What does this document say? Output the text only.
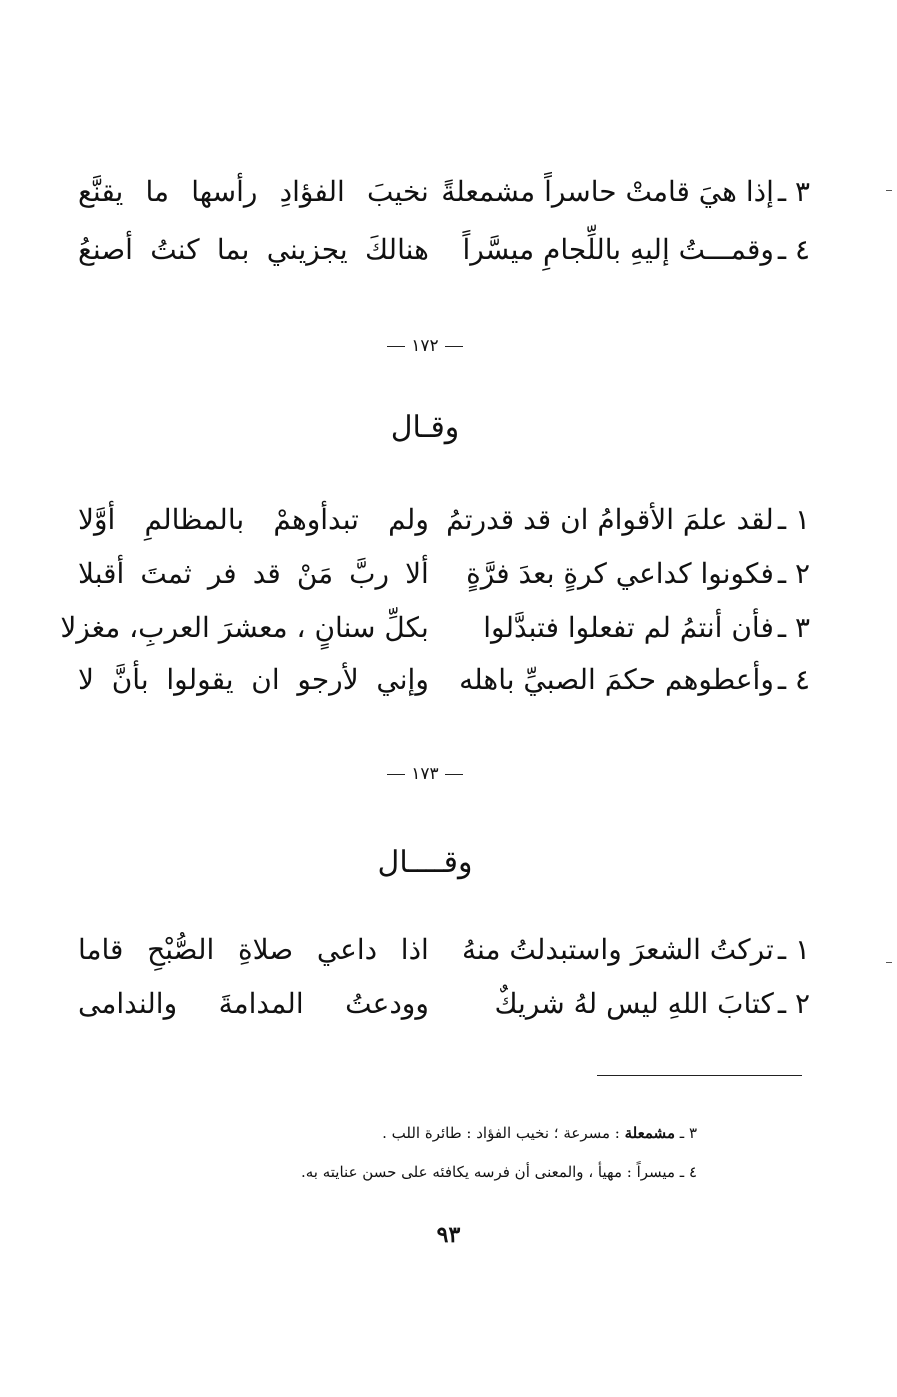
٣ ـ
إذا هيَ قامتْ حاسراً مشمعلةً
نخيبَ الفؤادِ رأسها ما يقنَّع
٤ ـ
وقمـــتُ إليهِ باللِّجامِ ميسَّراً
هنالكَ يجزيني بما كنتُ أصنعُ
١٧٢
وقـال
١ ـ
لقد علمَ الأقوامُ ان قد قدرتمُ
ولم تبدأوهمْ بالمظالمِ أوَّلا
٢ ـ
فكونوا كداعي كرةٍ بعدَ فرَّةٍ
ألا ربَّ مَنْ قد فر ثمتَ أقبلا
٣ ـ
فأن أنتمُ لم تفعلوا فتبدَّلوا
بكلِّ سنانٍ ، معشرَ العربِ، مغزلا
٤ ـ
وأعطوهم حكمَ الصبيِّ باهله
وإني لأرجو ان يقولوا بأنَّ لا
١٧٣
وقــــال
١ ـ
تركتُ الشعرَ واستبدلتُ منهُ
اذا داعي صلاةِ الصُّبْحِ قاما
٢ ـ
كتابَ اللهِ ليس لهُ شريكٌ
وودعتُ المدامةَ والندامى
٣ ـ مشمعلة : مسرعة ؛ نخيب الفؤاد : طائرة اللب .
٤ ـ ميسراً : مهيأ ، والمعنى أن فرسه يكافئه على حسن عنايته به.
٩٣
